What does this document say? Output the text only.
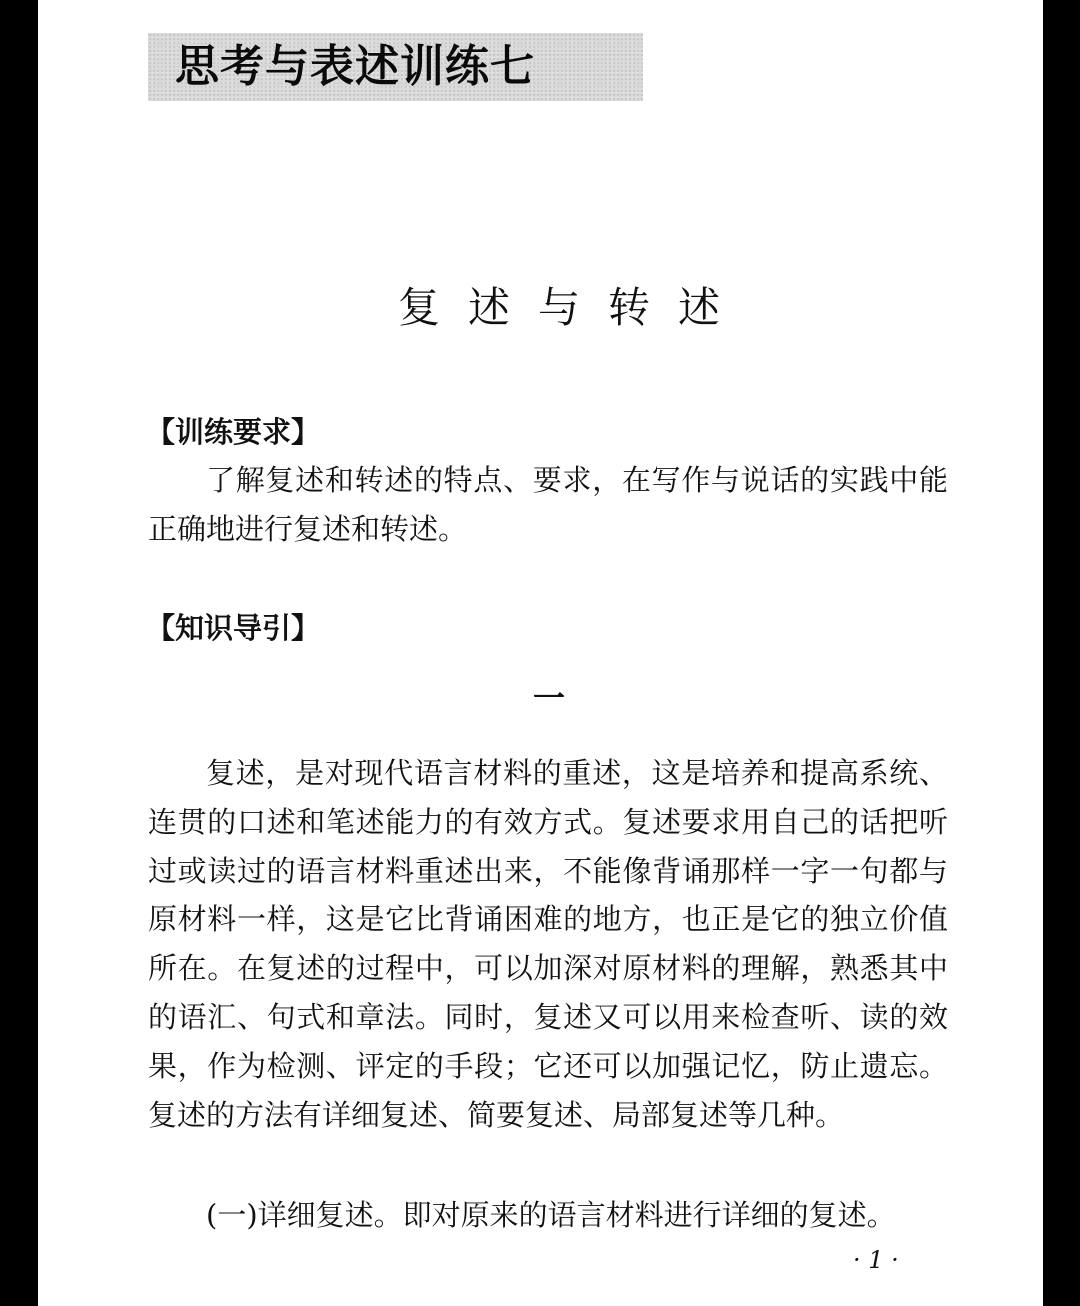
思考与表述训练七
复述与转述
【训练要求】

了解复述和转述的特点、要求，在写作与说话的实践中能正确地进行复述和转述。

【知识导引】
一

复述，是对现代语言材料的重述，这是培养和提高系统、连贯的口述和笔述能力的有效方式。复述要求用自己的话把听过或读过的语言材料重述出来，不能像背诵那样一字一句都与原材料一样，这是它比背诵困难的地方，也正是它的独立价值所在。在复述的过程中，可以加深对原材料的理解，熟悉其中的语汇、句式和章法。同时，复述又可以用来检查听、读的效果，作为检测、评定的手段；它还可以加强记忆，防止遗忘。复述的方法有详细复述、简要复述、局部复述等几种。

(一)详细复述。即对原来的语言材料进行详细的复述。

· 1 ·
